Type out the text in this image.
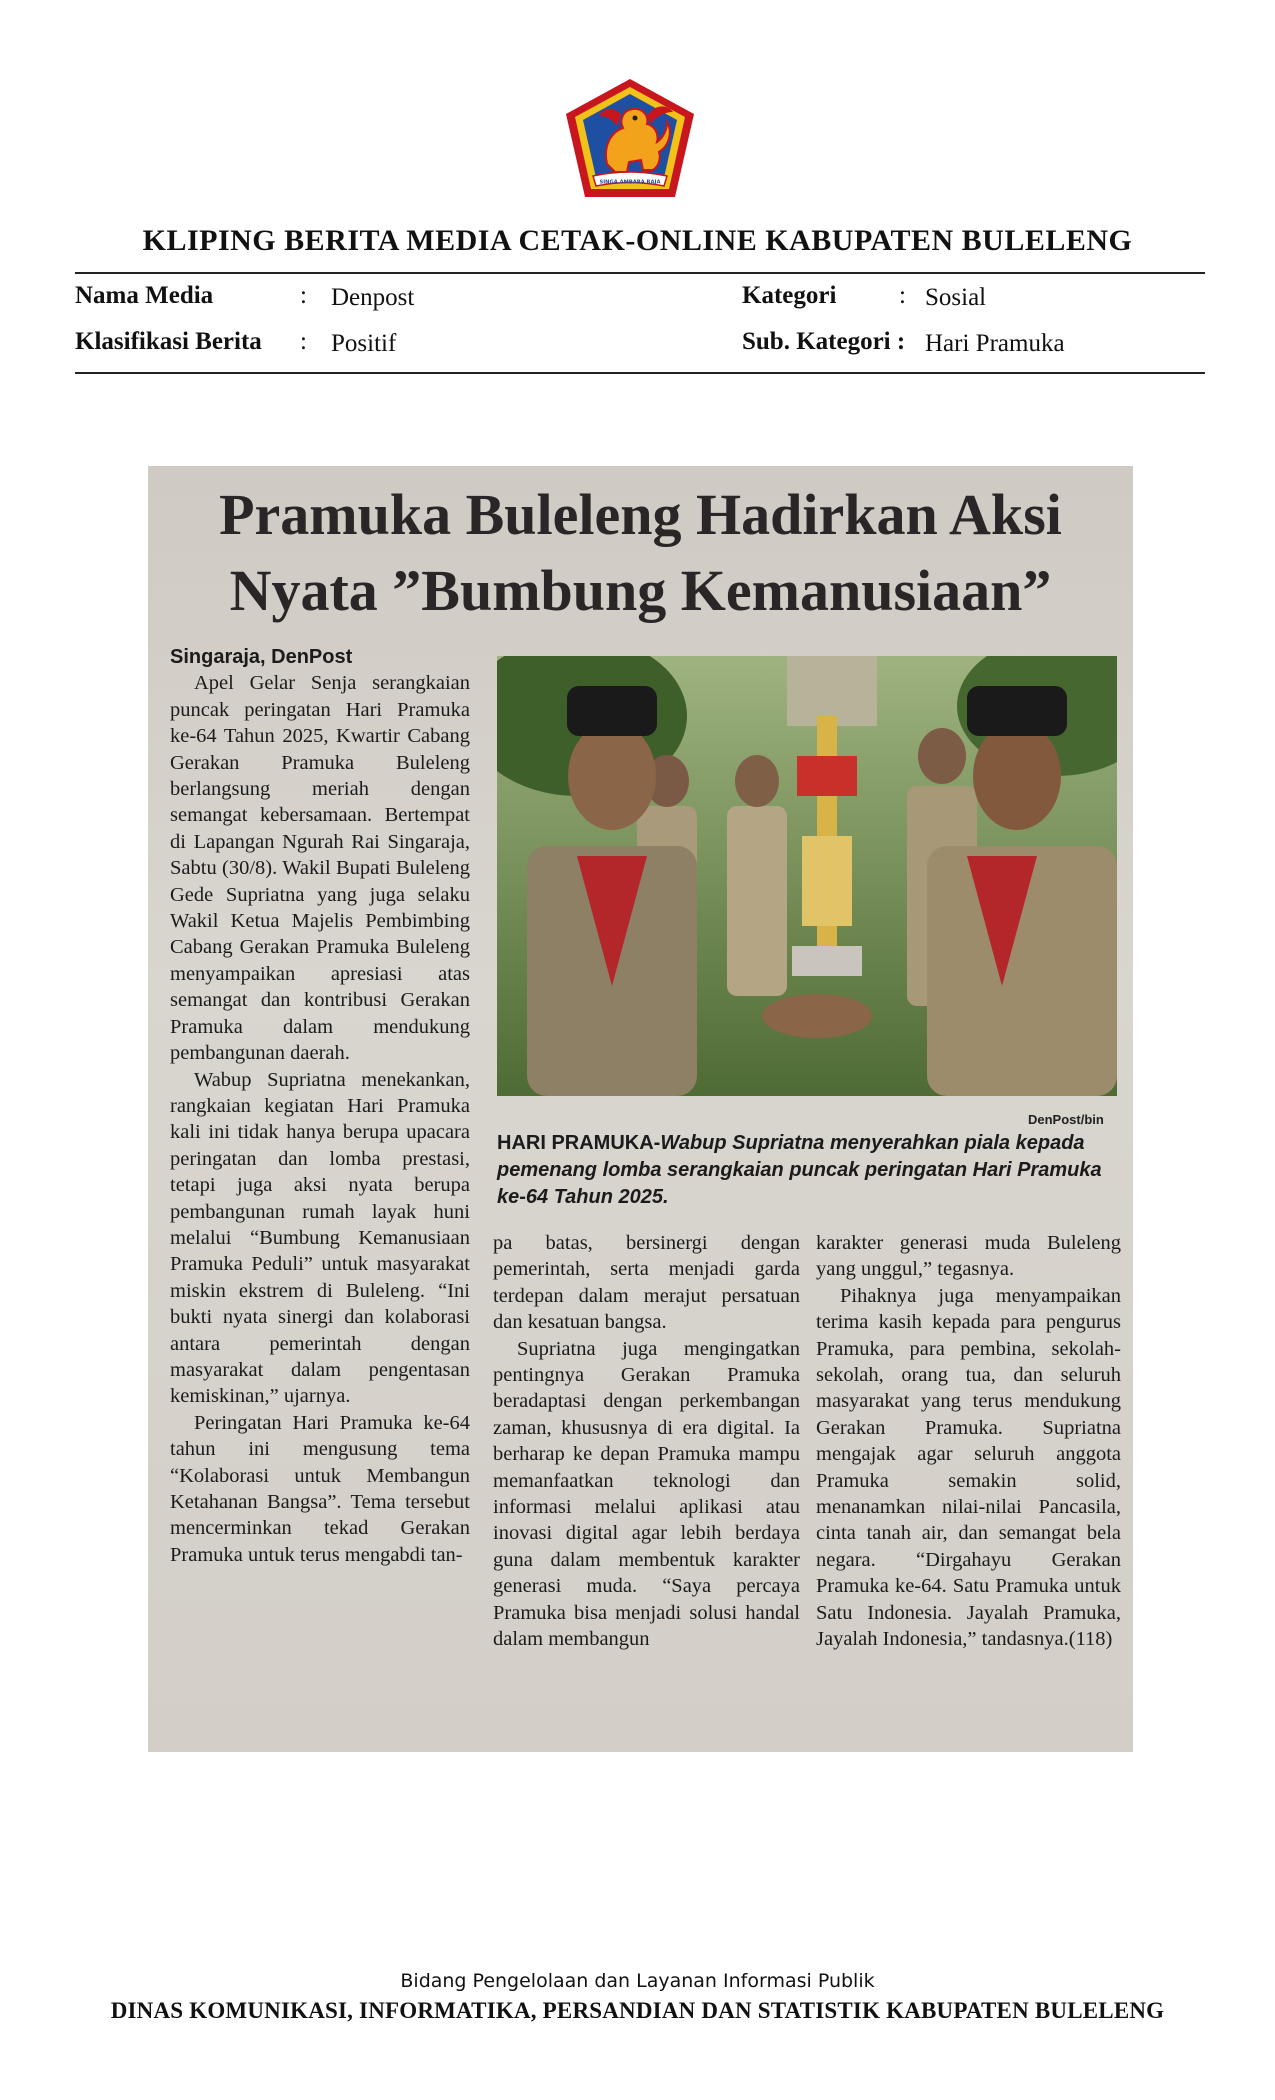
SINGA AMBARA RAJA
KLIPING BERITA MEDIA CETAK-ONLINE KABUPATEN BULELENG
Nama Media	: Denpost	Kategori	: Sosial
Klasifikasi Berita : Positif	Sub. Kategori : Hari Pramuka
Pramuka Buleleng Hadirkan Aksi
Nyata ”Bumbung Kemanusiaan”
Singaraja, DenPost

Apel Gelar Senja serangkaian puncak peringatan Hari Pramuka ke-64 Tahun 2025, Kwartir Cabang Gerakan Pramuka Buleleng berlangsung meriah dengan semangat kebersamaan. Bertempat di Lapangan Ngurah Rai Singaraja, Sabtu (30/8). Wakil Bupati Buleleng Gede Supriatna yang juga selaku Wakil Ketua Majelis Pembimbing Cabang Gerakan Pramuka Buleleng menyampaikan apresiasi atas semangat dan kontribusi Gerakan Pramuka dalam mendukung pembangunan daerah.

Wabup Supriatna menekankan, rangkaian kegiatan Hari Pramuka kali ini tidak hanya berupa upacara peringatan dan lomba prestasi, tetapi juga aksi nyata berupa pembangunan rumah layak huni melalui “Bumbung Kemanusiaan Pramuka Peduli” untuk masyarakat miskin ekstrem di Buleleng. “Ini bukti nyata sinergi dan kolaborasi antara pemerintah dengan masyarakat dalam pengentasan kemiskinan,” ujarnya.

Peringatan Hari Pramuka ke-64 tahun ini mengusung tema “Kolaborasi untuk Membangun Ketahanan Bangsa”. Tema tersebut mencerminkan tekad Gerakan Pramuka untuk terus mengabdi tan-

DenPost/bin
HARI PRAMUKA-Wabup Supriatna menyerahkan piala kepada pemenang lomba serangkaian puncak peringatan Hari Pramuka ke-64 Tahun 2025.

pa batas, bersinergi dengan pemerintah, serta menjadi garda terdepan dalam merajut persatuan dan kesatuan bangsa.

Supriatna juga mengingatkan pentingnya Gerakan Pramuka beradaptasi dengan perkembangan zaman, khususnya di era digital. Ia berharap ke depan Pramuka mampu memanfaatkan teknologi dan informasi melalui aplikasi atau inovasi digital agar lebih berdaya guna dalam membentuk karakter generasi muda. “Saya percaya Pramuka bisa menjadi solusi handal dalam membangun

karakter generasi muda Buleleng yang unggul,” tegasnya.

Pihaknya juga menyampaikan terima kasih kepada para pengurus Pramuka, para pembina, sekolah-sekolah, orang tua, dan seluruh masyarakat yang terus mendukung Gerakan Pramuka. Supriatna mengajak agar seluruh anggota Pramuka semakin solid, menanamkan nilai-nilai Pancasila, cinta tanah air, dan semangat bela negara. “Dirgahayu Gerakan Pramuka ke-64. Satu Pramuka untuk Satu Indonesia. Jayalah Pramuka, Jayalah Indonesia,” tandasnya.(118)

Bidang Pengelolaan dan Layanan Informasi Publik
DINAS KOMUNIKASI, INFORMATIKA, PERSANDIAN DAN STATISTIK KABUPATEN BULELENG
